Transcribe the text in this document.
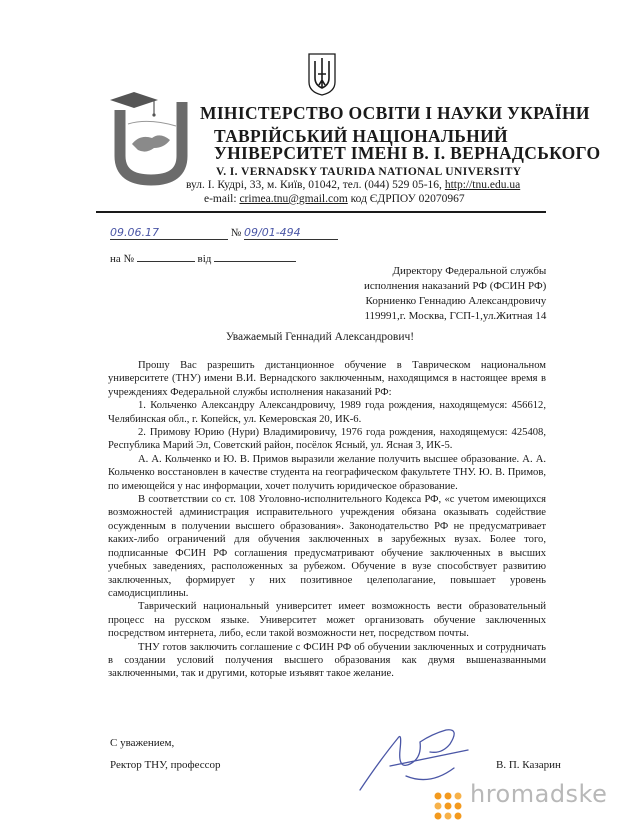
МІНІСТЕРСТВО ОСВІТИ І НАУКИ УКРАЇНИ
ТАВРІЙСЬКИЙ НАЦІОНАЛЬНИЙ
УНІВЕРСИТЕТ ІМЕНІ В. І. ВЕРНАДСЬКОГО
V. I. VERNADSKY TAURIDA NATIONAL UNIVERSITY
вул. І. Кудрі, 33, м. Київ, 01042, тел. (044) 529 05-16, http://tnu.edu.ua
e-mail: crimea.tnu@gmail.com код ЄДРПОУ 02070967
09.06.17	№ 09/01-494
на №	від
Директору Федеральной службы
исполнения наказаний РФ (ФСИН РФ)
Корниенко Геннадию Александровичу
119991,г. Москва, ГСП-1,ул.Житная 14
Уважаемый Геннадий Александрович!

Прошу Вас разрешить дистанционное обучение в Таврическом национальном университете (ТНУ) имени В.И. Вернадского заключенным, находящимся в настоящее время в учреждениях Федеральной службы исполнения наказаний РФ:

1. Кольченко Александру Александровичу, 1989 года рождения, находящемуся: 456612, Челябинская обл., г. Копейск, ул. Кемеровская 20, ИК-6.

2. Примову Юрию (Нури) Владимировичу, 1976 года рождения, находящемуся: 425408, Республика Марий Эл, Советский район, посёлок Ясный, ул. Ясная 3, ИК-5.

А. А. Кольченко и Ю. В. Примов выразили желание получить высшее образование. А. А. Кольченко восстановлен в качестве студента на географическом факультете ТНУ. Ю. В. Примов, по имеющейся у нас информации, хочет получить юридическое образование.

В соответствии со ст. 108 Уголовно-исполнительного Кодекса РФ, «с учетом имеющихся возможностей администрация исправительного учреждения обязана оказывать содействие осужденным в получении высшего образования». Законодательство РФ не предусматривает каких-либо ограничений для обучения заключенных в зарубежных вузах. Более того, подписанные ФСИН РФ соглашения предусматривают обучение заключенных в высших учебных заведениях, расположенных за рубежом. Обучение в вузе способствует развитию заключенных, формирует у них позитивное целеполагание, повышает уровень самодисциплины.

Таврический национальный университет имеет возможность вести образовательный процесс на русском языке. Университет может организовать обучение заключенных посредством интернета, либо, если такой возможности нет, посредством почты.

ТНУ готов заключить соглашение с ФСИН РФ об обучении заключенных и сотрудничать в создании условий получения высшего образования как двумя вышеназванными заключенными, так и другими, которые изъявят такое желание.

С уважением,
Ректор ТНУ, профессор	В. П. Казарин
hromadske
